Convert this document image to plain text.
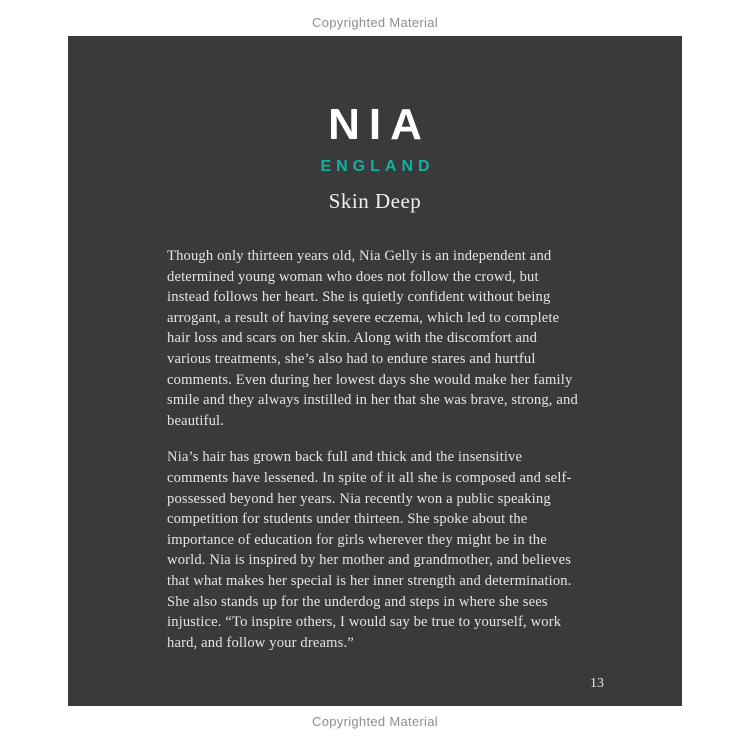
Copyrighted Material
NIA
ENGLAND
Skin Deep

Though only thirteen years old, Nia Gelly is an independent and determined young woman who does not follow the crowd, but instead follows her heart. She is quietly confident without being arrogant, a result of having severe eczema, which led to complete hair loss and scars on her skin. Along with the discomfort and various treatments, she’s also had to endure stares and hurtful comments. Even during her lowest days she would make her family smile and they always instilled in her that she was brave, strong, and beautiful.

Nia’s hair has grown back full and thick and the insensitive comments have lessened. In spite of it all she is composed and self-possessed beyond her years. Nia recently won a public speaking competition for students under thirteen. She spoke about the importance of education for girls wherever they might be in the world. Nia is inspired by her mother and grandmother, and believes that what makes her special is her inner strength and determination. She also stands up for the underdog and steps in where she sees injustice. “To inspire others, I would say be true to yourself, work hard, and follow your dreams.”

13
Copyrighted Material
